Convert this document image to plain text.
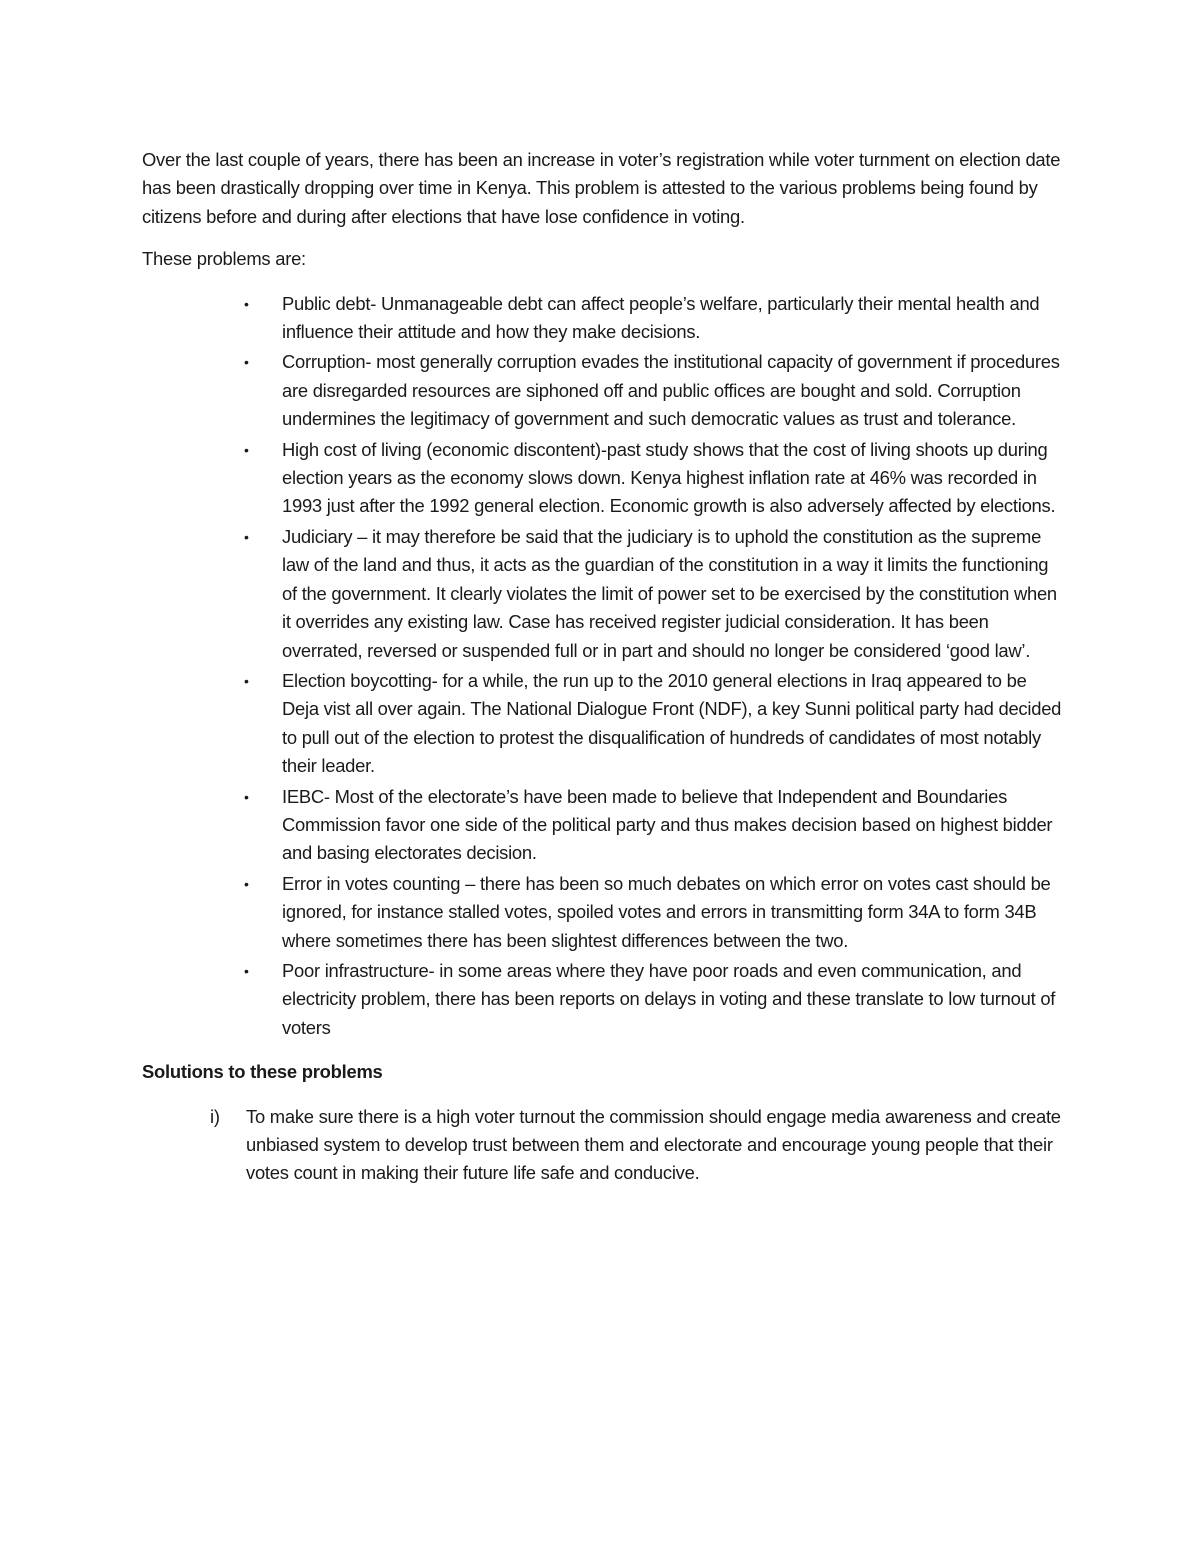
Over the last couple of years, there has been an increase in voter’s registration while voter turnment on election date has been drastically dropping over time in Kenya. This problem is attested to the various problems being found by citizens before and during after elections that have lose confidence in voting.

These problems are:

• Public debt- Unmanageable debt can affect people’s welfare, particularly their mental health and influence their attitude and how they make decisions.
• Corruption- most generally corruption evades the institutional capacity of government if procedures are disregarded resources are siphoned off and public offices are bought and sold. Corruption undermines the legitimacy of government and such democratic values as trust and tolerance.
• High cost of living (economic discontent)-past study shows that the cost of living shoots up during election years as the economy slows down. Kenya highest inflation rate at 46% was recorded in 1993 just after the 1992 general election. Economic growth is also adversely affected by elections.
• Judiciary – it may therefore be said that the judiciary is to uphold the constitution as the supreme law of the land and thus, it acts as the guardian of the constitution in a way it limits the functioning of the government. It clearly violates the limit of power set to be exercised by the constitution when it overrides any existing law. Case has received register judicial consideration. It has been overrated, reversed or suspended full or in part and should no longer be considered ‘good law’.
• Election boycotting- for a while, the run up to the 2010 general elections in Iraq appeared to be Deja vist all over again. The National Dialogue Front (NDF), a key Sunni political party had decided to pull out of the election to protest the disqualification of hundreds of candidates of most notably their leader.
• IEBC- Most of the electorate’s have been made to believe that Independent and Boundaries Commission favor one side of the political party and thus makes decision based on highest bidder and basing electorates decision.
• Error in votes counting – there has been so much debates on which error on votes cast should be ignored, for instance stalled votes, spoiled votes and errors in transmitting form 34A to form 34B where sometimes there has been slightest differences between the two.
• Poor infrastructure- in some areas where they have poor roads and even communication, and electricity problem, there has been reports on delays in voting and these translate to low turnout of voters

Solutions to these problems

i) To make sure there is a high voter turnout the commission should engage media awareness and create unbiased system to develop trust between them and electorate and encourage young people that their votes count in making their future life safe and conducive.
